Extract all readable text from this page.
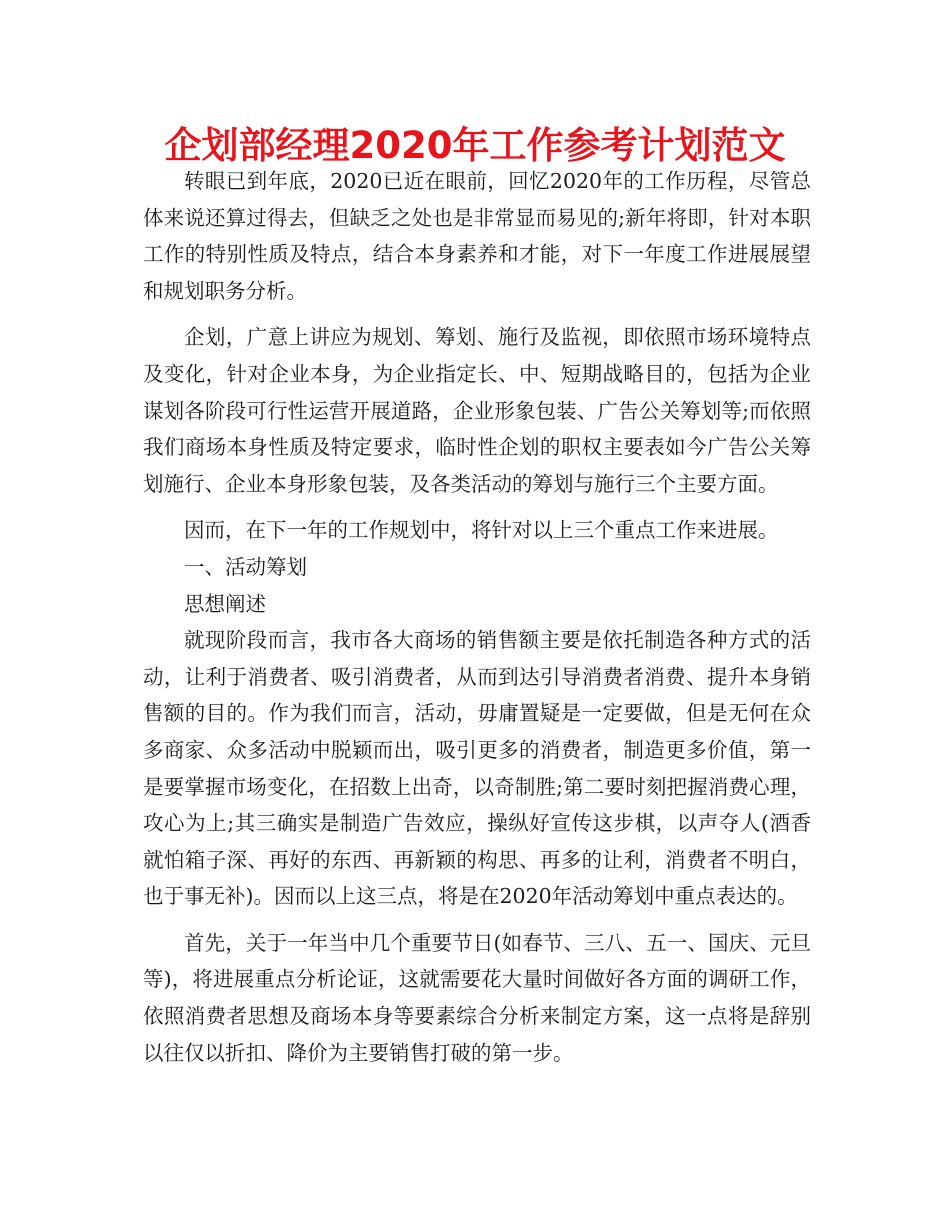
企划部经理2020年工作参考计划范文

转眼已到年底，2020已近在眼前，回忆2020年的工作历程，尽管总体来说还算过得去，但缺乏之处也是非常显而易见的;新年将即，针对本职工作的特别性质及特点，结合本身素养和才能，对下一年度工作进展展望和规划职务分析。

企划，广意上讲应为规划、筹划、施行及监视，即依照市场环境特点及变化，针对企业本身，为企业指定长、中、短期战略目的，包括为企业谋划各阶段可行性运营开展道路，企业形象包装、广告公关筹划等;而依照我们商场本身性质及特定要求，临时性企划的职权主要表如今广告公关筹划施行、企业本身形象包装，及各类活动的筹划与施行三个主要方面。

因而，在下一年的工作规划中，将针对以上三个重点工作来进展。

一、活动筹划

思想阐述

就现阶段而言，我市各大商场的销售额主要是依托制造各种方式的活动，让利于消费者、吸引消费者，从而到达引导消费者消费、提升本身销售额的目的。作为我们而言，活动，毋庸置疑是一定要做，但是无何在众多商家、众多活动中脱颖而出，吸引更多的消费者，制造更多价值，第一是要掌握市场变化，在招数上出奇，以奇制胜;第二要时刻把握消费心理，攻心为上;其三确实是制造广告效应，操纵好宣传这步棋，以声夺人(酒香就怕箱子深、再好的东西、再新颖的构思、再多的让利，消费者不明白，也于事无补)。因而以上这三点，将是在2020年活动筹划中重点表达的。

首先，关于一年当中几个重要节日(如春节、三八、五一、国庆、元旦等)，将进展重点分析论证，这就需要花大量时间做好各方面的调研工作，依照消费者思想及商场本身等要素综合分析来制定方案，这一点将是辞别以往仅以折扣、降价为主要销售打破的第一步。
